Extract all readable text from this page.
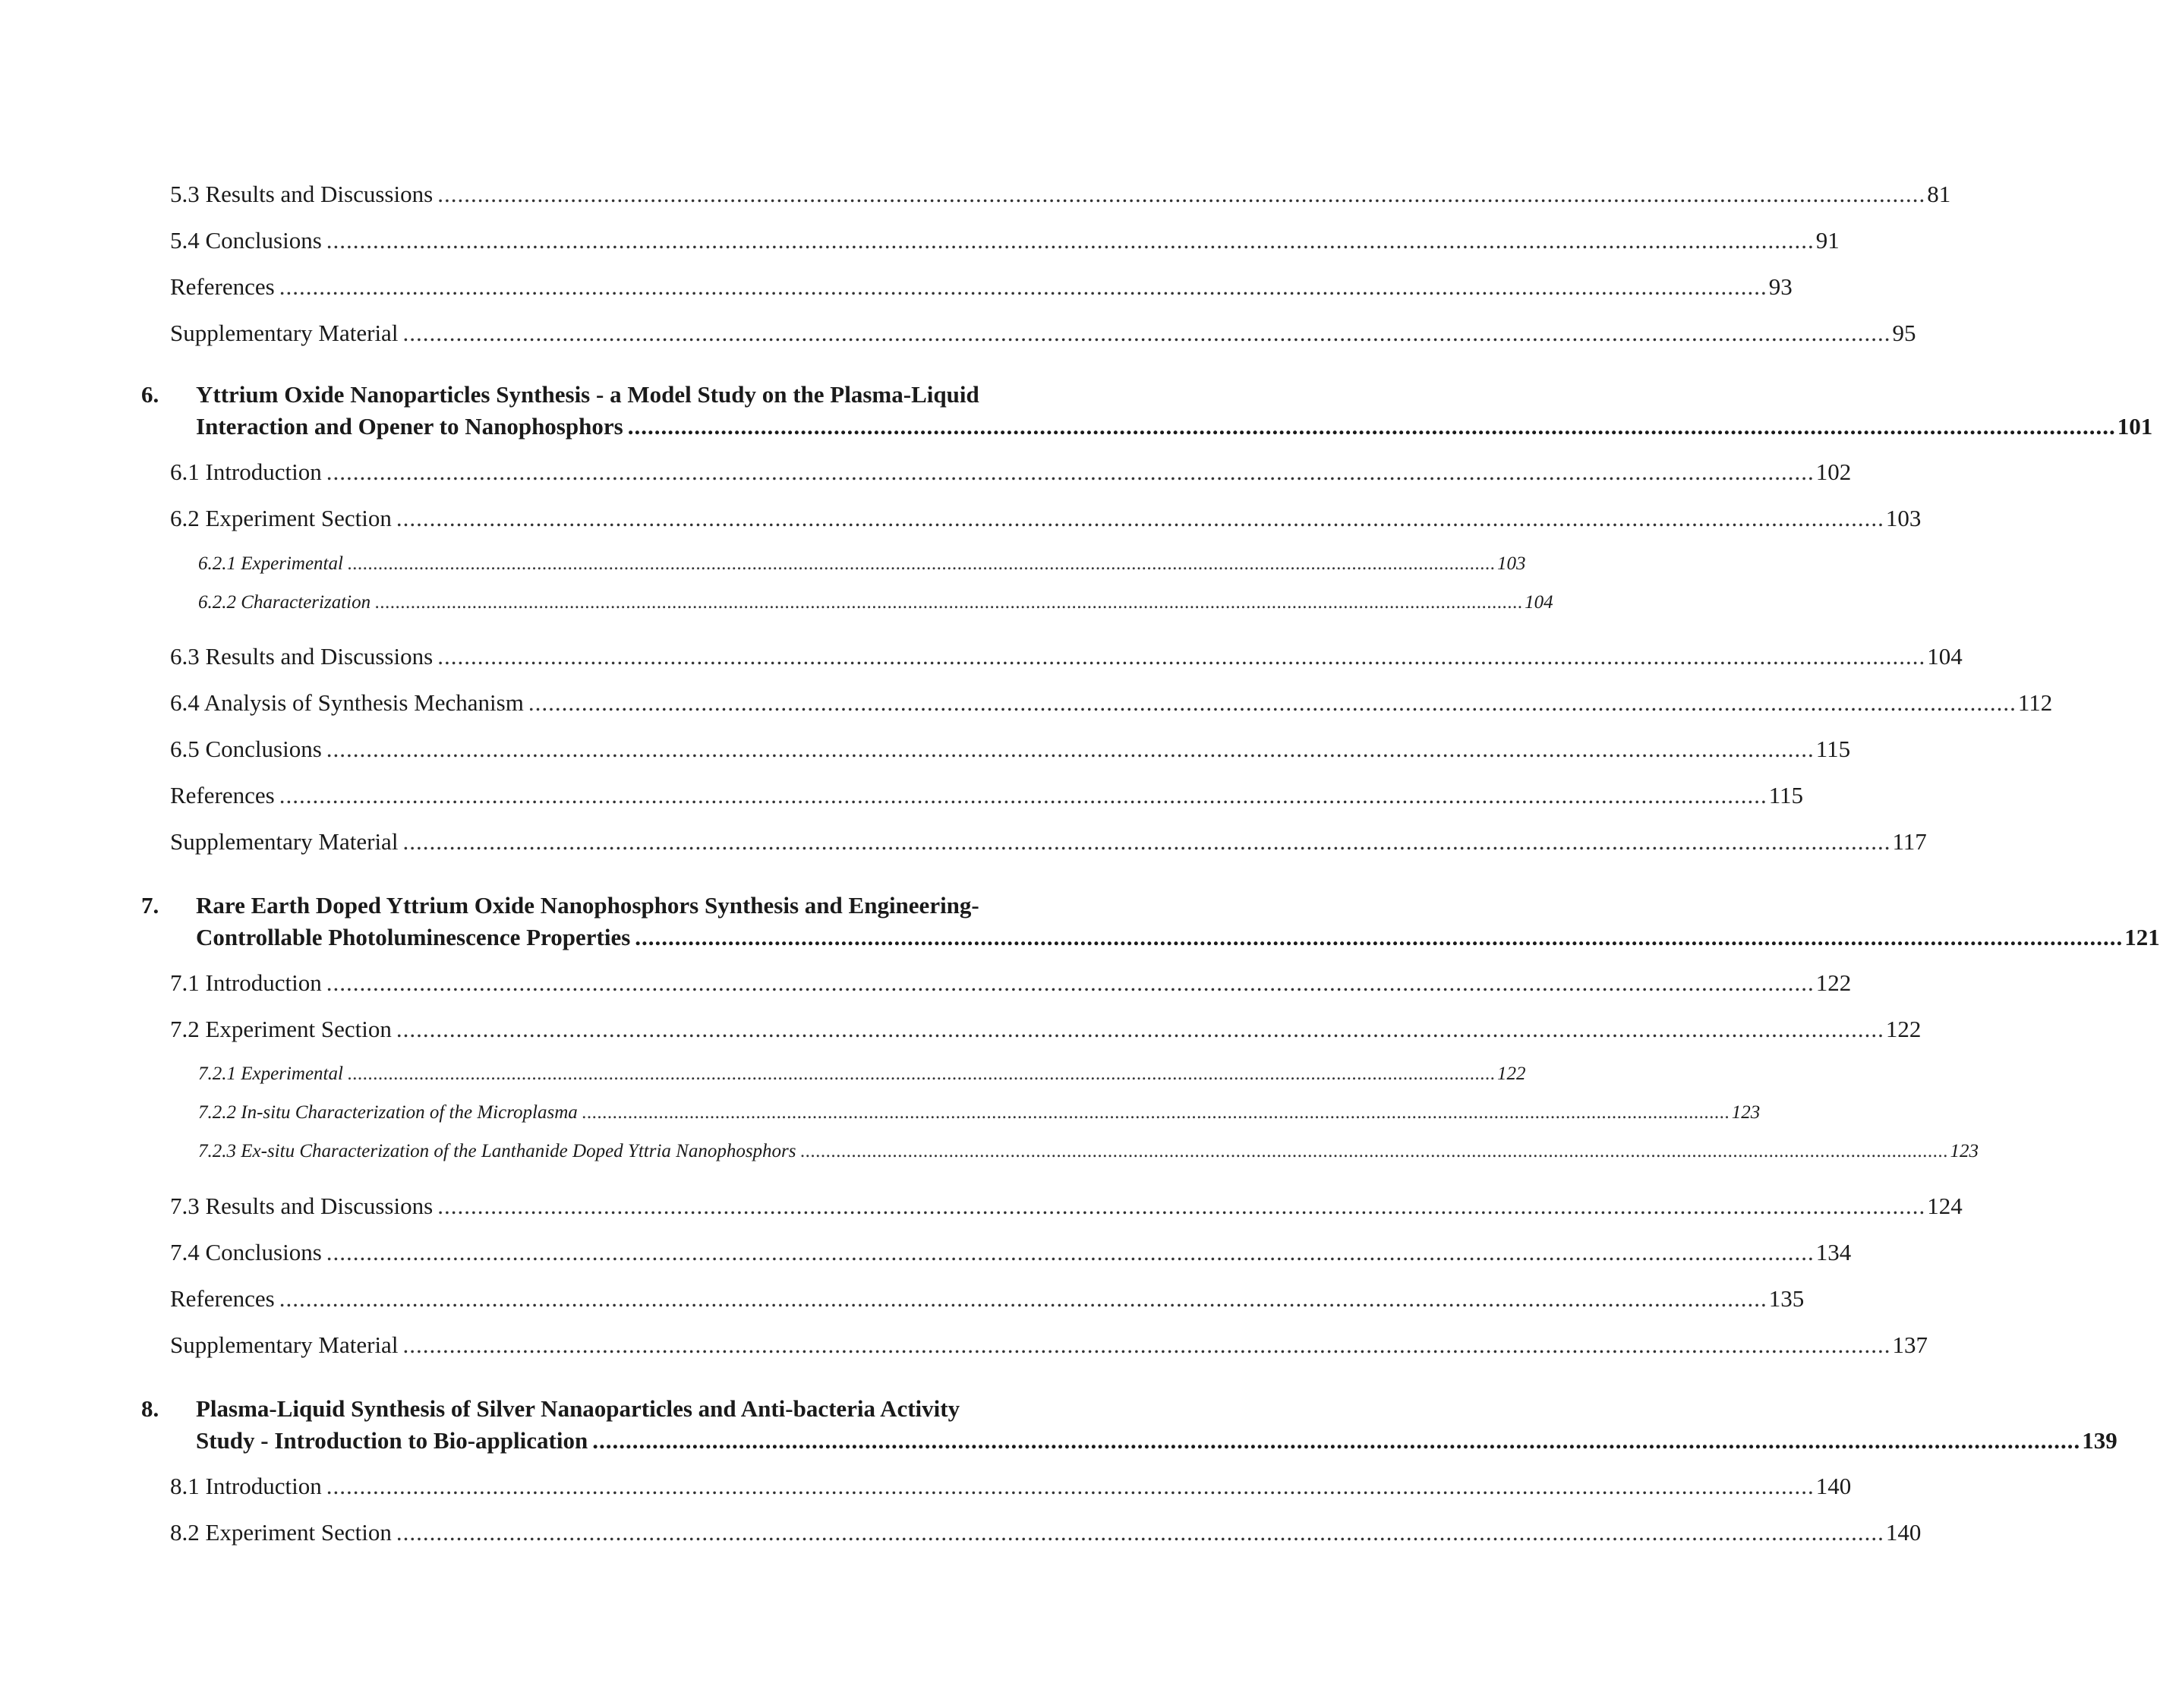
5.3 Results and Discussions ................................................................................................................................................................................................................................ 81
5.4 Conclusions ................................................................................................................................................................................................................................ 91
References ................................................................................................................................................................................................................................ 93
Supplementary Material ................................................................................................................................................................................................................................ 95
6. Yttrium Oxide Nanoparticles Synthesis - a Model Study on the Plasma-Liquid
Interaction and Opener to Nanophosphors ................................................................................................................................................................................................................................ 101
6.1 Introduction ................................................................................................................................................................................................................................ 102
6.2 Experiment Section ................................................................................................................................................................................................................................ 103
6.2.1 Experimental ................................................................................................................................................................................................................................ 103
6.2.2 Characterization ................................................................................................................................................................................................................................ 104
6.3 Results and Discussions ................................................................................................................................................................................................................................ 104
6.4 Analysis of Synthesis Mechanism ................................................................................................................................................................................................................................ 112
6.5 Conclusions ................................................................................................................................................................................................................................ 115
References ................................................................................................................................................................................................................................ 115
Supplementary Material ................................................................................................................................................................................................................................ 117
7. Rare Earth Doped Yttrium Oxide Nanophosphors Synthesis and Engineering-
Controllable Photoluminescence Properties ................................................................................................................................................................................................................................ 121
7.1 Introduction ................................................................................................................................................................................................................................ 122
7.2 Experiment Section ................................................................................................................................................................................................................................ 122
7.2.1 Experimental ................................................................................................................................................................................................................................ 122
7.2.2 In-situ Characterization of the Microplasma ................................................................................................................................................................................................................................ 123
7.2.3 Ex-situ Characterization of the Lanthanide Doped Yttria Nanophosphors ................................................................................................................................................................................................................................ 123
7.3 Results and Discussions ................................................................................................................................................................................................................................ 124
7.4 Conclusions ................................................................................................................................................................................................................................ 134
References ................................................................................................................................................................................................................................ 135
Supplementary Material ................................................................................................................................................................................................................................ 137
8. Plasma-Liquid Synthesis of Silver Nanaoparticles and Anti-bacteria Activity
Study - Introduction to Bio-application ................................................................................................................................................................................................................................ 139
8.1 Introduction ................................................................................................................................................................................................................................ 140
8.2 Experiment Section ................................................................................................................................................................................................................................ 140
